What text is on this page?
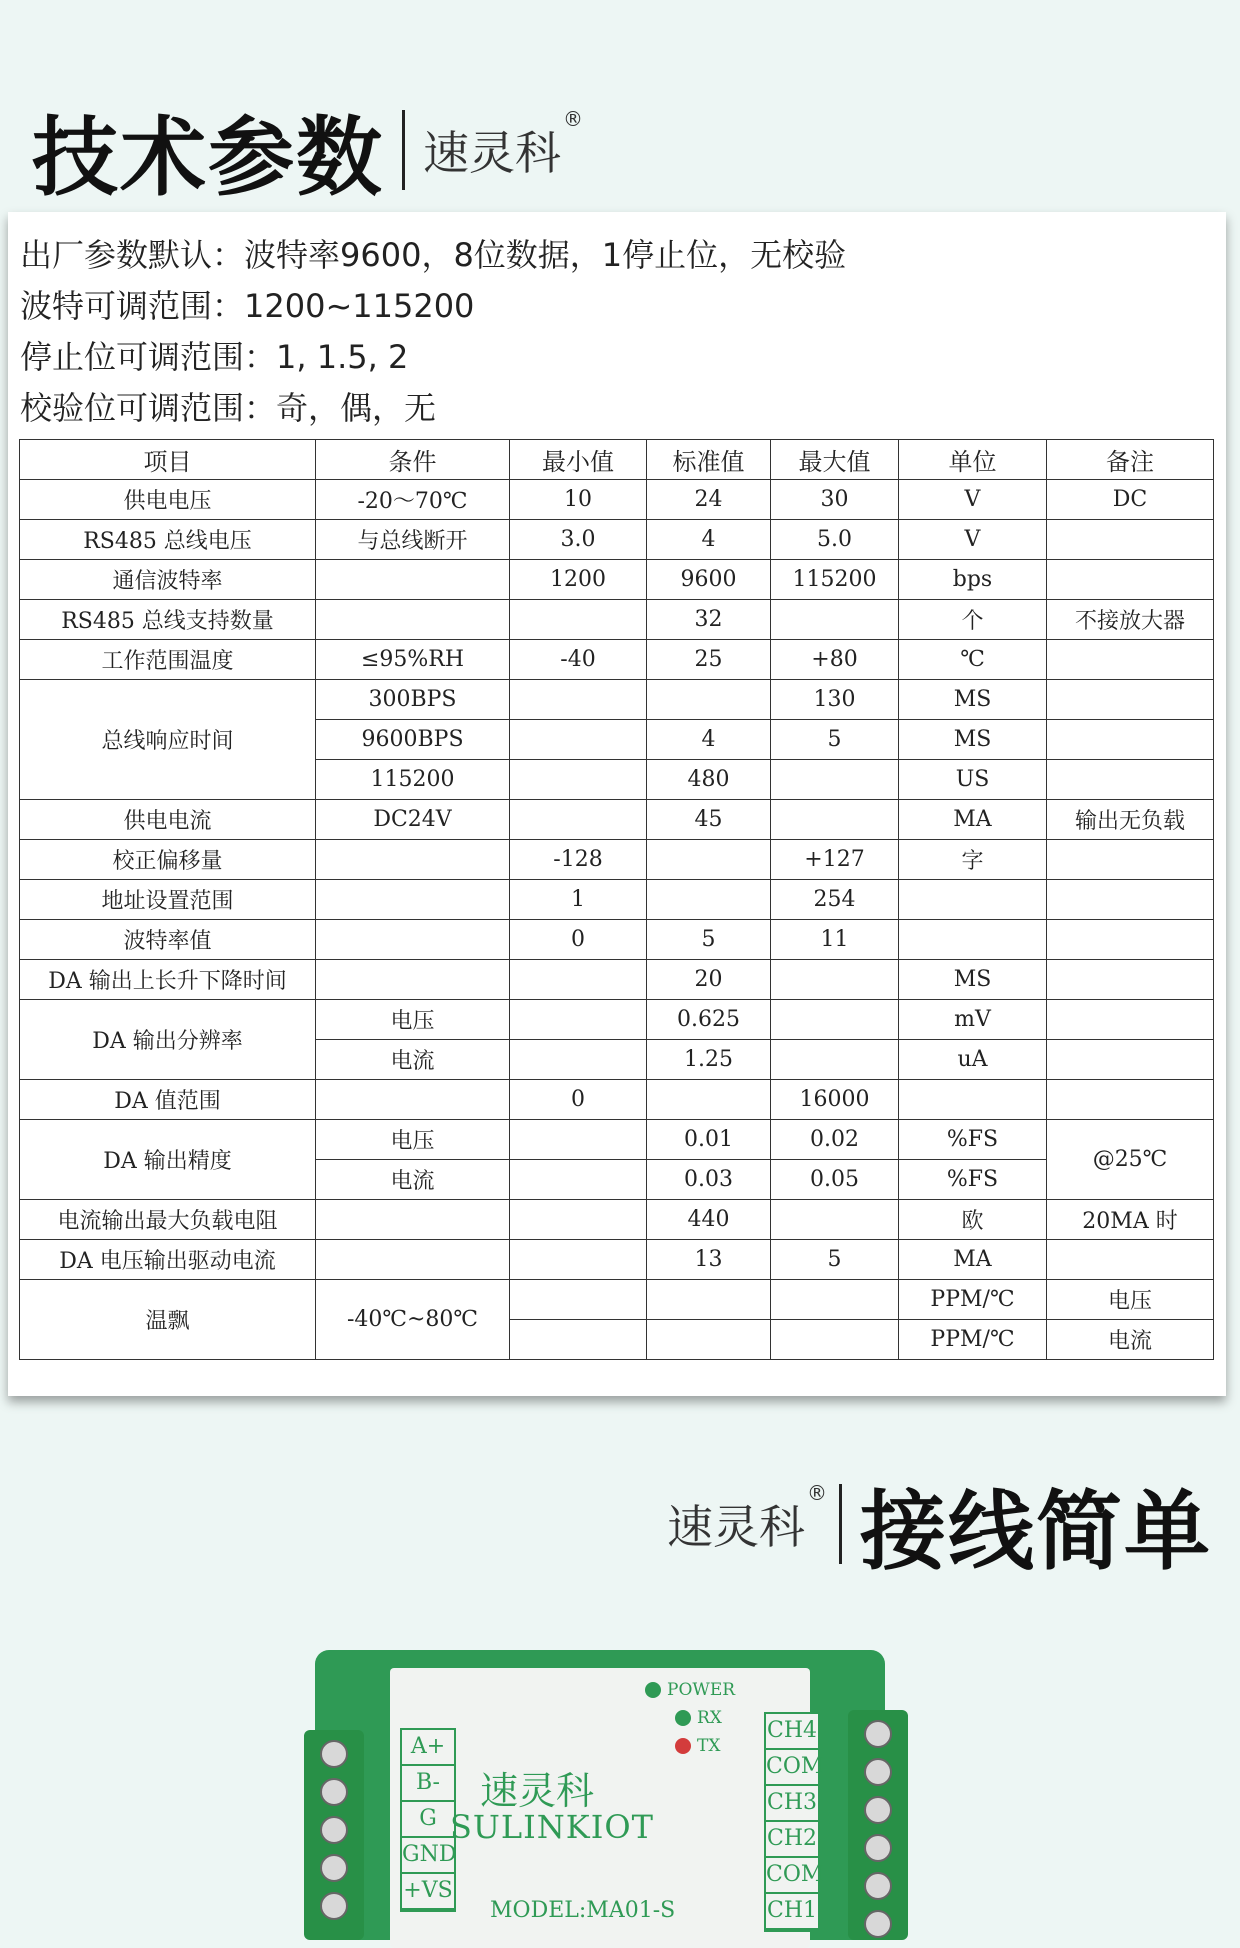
技术参数 速灵科
®
出厂参数默认：波特率9600，8位数据，1停止位，无校验
波特可调范围：1200~115200
停止位可调范围：1, 1.5, 2
校验位可调范围：奇，偶，无
项目	条件	最小值	标准值	最大值	单位	备注
供电电压	-20～70℃	10	24	30	V	DC
RS485 总线电压	与总线断开	3.0	4	5.0	V	
通信波特率		1200	9600	115200	bps	
RS485 总线支持数量			32		个	不接放大器
工作范围温度	≤95%RH	-40	25	+80	℃	
总线响应时间	300BPS			130	MS	
	9600BPS		4	5	MS	
	115200		480		US	
供电电流	DC24V		45		MA	输出无负载
校正偏移量		-128		+127	字	
地址设置范围		1		254		
波特率值		0	5	11		
DA 输出上长升下降时间			20		MS	
DA 输出分辨率	电压		0.625		mV	
	电流		1.25		uA	
DA 值范围		0		16000		
DA 输出精度	电压		0.01	0.02	%FS	@25℃
	电流		0.03	0.05	%FS	
电流输出最大负载电阻			440		欧	20MA 时
DA 电压输出驱动电流			13	5	MA	
温飘	-40℃~80℃				PPM/℃	电压
					PPM/℃	电流
速灵科
® 接线简单
A+
B-
G
GND
+VS
CH4
COM
CH3
CH2
COM
CH1
POWER
RX
TX
速灵科
SULINKIOT
MODEL:MA01-S
